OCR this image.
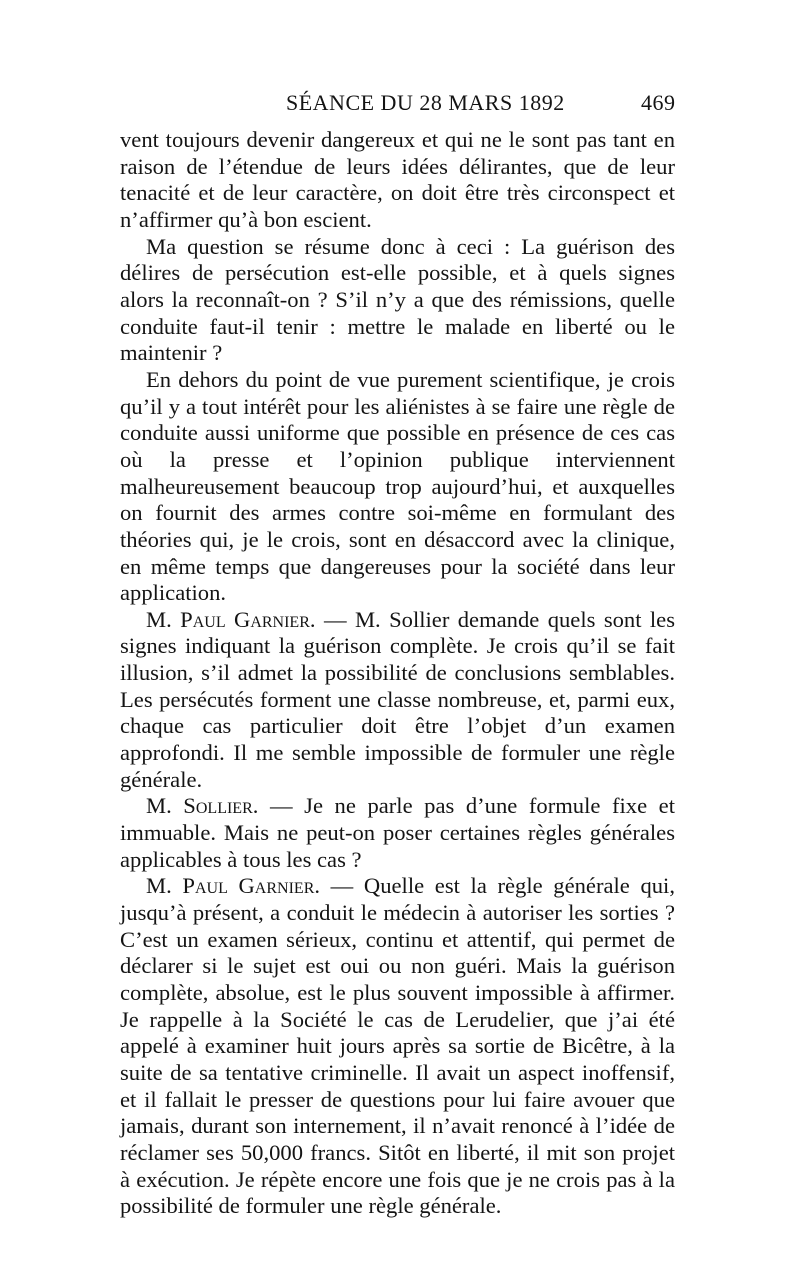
SÉANCE DU 28 MARS 1892	469

vent toujours devenir dangereux et qui ne le sont pas tant en raison de l’étendue de leurs idées délirantes, que de leur tenacité et de leur caractère, on doit être très circonspect et n’affirmer qu’à bon escient.

Ma question se résume donc à ceci : La guérison des délires de persécution est-elle possible, et à quels signes alors la reconnaît-on ? S’il n’y a que des rémissions, quelle conduite faut-il tenir : mettre le malade en liberté ou le maintenir ?

En dehors du point de vue purement scientifique, je crois qu’il y a tout intérêt pour les aliénistes à se faire une règle de conduite aussi uniforme que possible en présence de ces cas où la presse et l’opinion publique interviennent malheureusement beaucoup trop aujourd’hui, et auxquelles on fournit des armes contre soi-même en formulant des théories qui, je le crois, sont en désaccord avec la clinique, en même temps que dangereuses pour la société dans leur application.

M. Paul Garnier. — M. Sollier demande quels sont les signes indiquant la guérison complète. Je crois qu’il se fait illusion, s’il admet la possibilité de conclusions semblables. Les persécutés forment une classe nombreuse, et, parmi eux, chaque cas particulier doit être l’objet d’un examen approfondi. Il me semble impossible de formuler une règle générale.

M. Sollier. — Je ne parle pas d’une formule fixe et immuable. Mais ne peut-on poser certaines règles générales applicables à tous les cas ?

M. Paul Garnier. — Quelle est la règle générale qui, jusqu’à présent, a conduit le médecin à autoriser les sorties ? C’est un examen sérieux, continu et attentif, qui permet de déclarer si le sujet est oui ou non guéri. Mais la guérison complète, absolue, est le plus souvent impossible à affirmer. Je rappelle à la Société le cas de Lerudelier, que j’ai été appelé à examiner huit jours après sa sortie de Bicêtre, à la suite de sa tentative criminelle. Il avait un aspect inoffensif, et il fallait le presser de questions pour lui faire avouer que jamais, durant son internement, il n’avait renoncé à l’idée de réclamer ses 50,000 francs. Sitôt en liberté, il mit son projet à exécution. Je répète encore une fois que je ne crois pas à la possibilité de formuler une règle générale.
